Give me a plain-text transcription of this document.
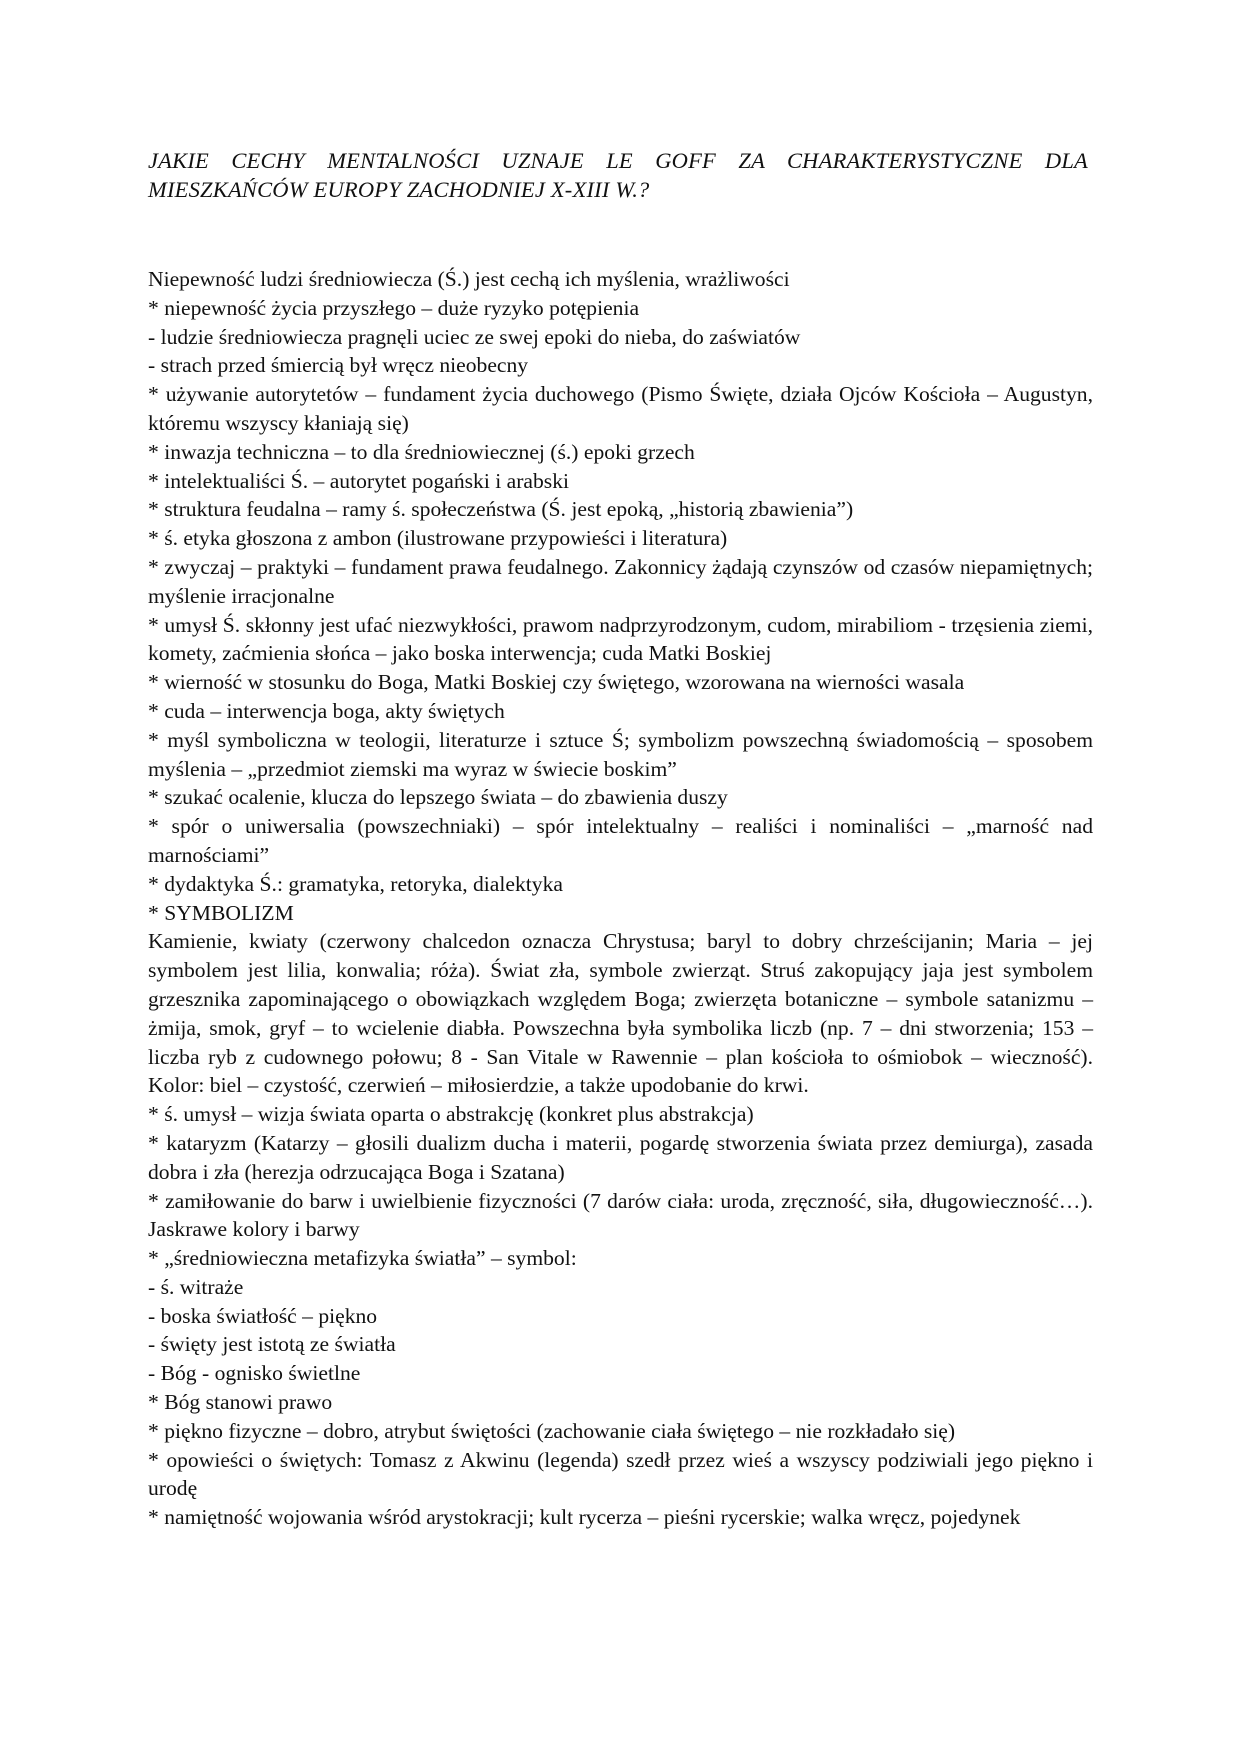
JAKIE CECHY MENTALNOŚCI UZNAJE LE GOFF ZA CHARAKTERYSTYCZNE DLA MIESZKAŃCÓW EUROPY ZACHODNIEJ X-XIII W.?

Niepewność ludzi średniowiecza (Ś.) jest cechą ich myślenia, wrażliwości

* niepewność życia przyszłego – duże ryzyko potępienia

- ludzie średniowiecza pragnęli uciec ze swej epoki do nieba, do zaświatów

- strach przed śmiercią był wręcz nieobecny

* używanie autorytetów – fundament życia duchowego (Pismo Święte, działa Ojców Kościoła – Augustyn, któremu wszyscy kłaniają się)

* inwazja techniczna – to dla średniowiecznej (ś.) epoki grzech

* intelektualiści Ś. – autorytet pogański i arabski

* struktura feudalna – ramy ś. społeczeństwa (Ś. jest epoką, „historią zbawienia”)

* ś. etyka głoszona z ambon (ilustrowane przypowieści i literatura)

* zwyczaj – praktyki – fundament prawa feudalnego. Zakonnicy żądają czynszów od czasów niepamiętnych; myślenie irracjonalne

* umysł Ś. skłonny jest ufać niezwykłości, prawom nadprzyrodzonym, cudom, mirabiliom - trzęsienia ziemi, komety, zaćmienia słońca – jako boska interwencja; cuda Matki Boskiej

* wierność w stosunku do Boga, Matki Boskiej czy świętego, wzorowana na wierności wasala

* cuda – interwencja boga, akty świętych

* myśl symboliczna w teologii, literaturze i sztuce Ś; symbolizm powszechną świadomością – sposobem myślenia – „przedmiot ziemski ma wyraz w świecie boskim”

* szukać ocalenie, klucza do lepszego świata – do zbawienia duszy

* spór o uniwersalia (powszechniaki) – spór intelektualny – realiści i nominaliści – „marność nad marnościami”

* dydaktyka Ś.: gramatyka, retoryka, dialektyka

* SYMBOLIZM

Kamienie, kwiaty (czerwony chalcedon oznacza Chrystusa; baryl to dobry chrześcijanin; Maria – jej symbolem jest lilia, konwalia; róża). Świat zła, symbole zwierząt. Struś zakopujący jaja jest symbolem grzesznika zapominającego o obowiązkach względem Boga; zwierzęta botaniczne – symbole satanizmu – żmija, smok, gryf – to wcielenie diabła. Powszechna była symbolika liczb (np. 7 – dni stworzenia; 153 – liczba ryb z cudownego połowu; 8 - San Vitale w Rawennie – plan kościoła to ośmiobok – wieczność). Kolor: biel – czystość, czerwień – miłosierdzie, a także upodobanie do krwi.

* ś. umysł – wizja świata oparta o abstrakcję (konkret plus abstrakcja)

* kataryzm (Katarzy – głosili dualizm ducha i materii, pogardę stworzenia świata przez demiurga), zasada dobra i zła (herezja odrzucająca Boga i Szatana)

* zamiłowanie do barw i uwielbienie fizyczności (7 darów ciała: uroda, zręczność, siła, długowieczność…). Jaskrawe kolory i barwy

* „średniowieczna metafizyka światła” – symbol:

- ś. witraże

- boska światłość – piękno

- święty jest istotą ze światła

- Bóg - ognisko świetlne

* Bóg stanowi prawo

* piękno fizyczne – dobro, atrybut świętości (zachowanie ciała świętego – nie rozkładało się)

* opowieści o świętych: Tomasz z Akwinu (legenda) szedł przez wieś a wszyscy podziwiali jego piękno i urodę

* namiętność wojowania wśród arystokracji; kult rycerza – pieśni rycerskie; walka wręcz, pojedynek
